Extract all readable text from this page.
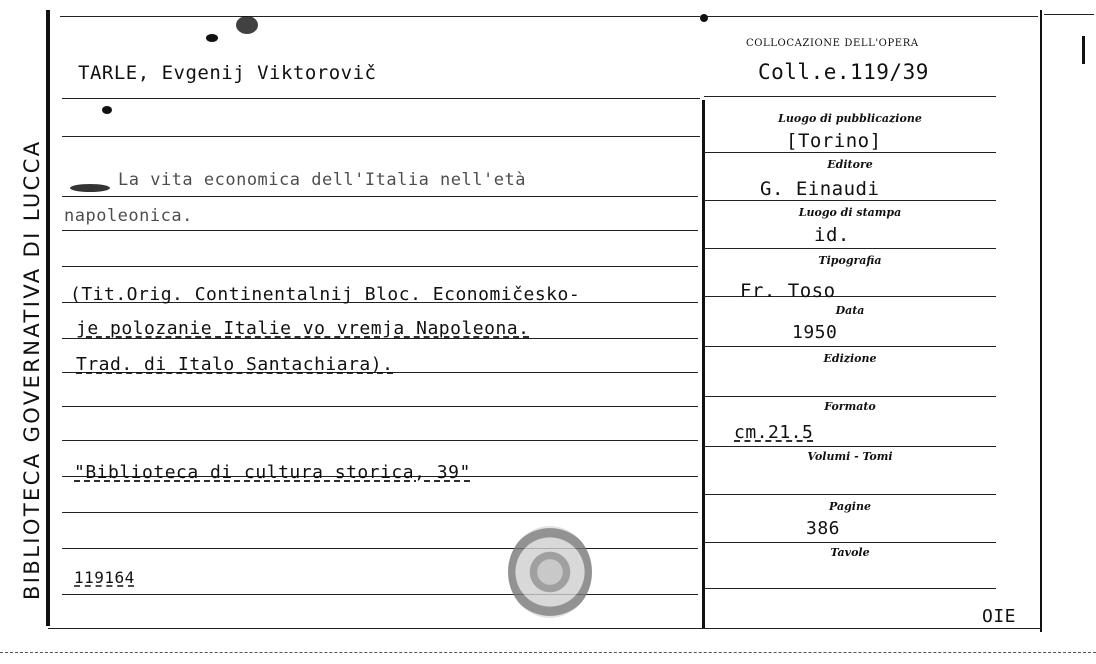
BIBLIOTECA GOVERNATIVA DI LUCCA
TARLE, Evgenij Viktorovič
La vita economica dell'Italia nell'età
napoleonica.
(Tit.Orig. Continentalnij Bloc. Economičesko-
je polozanie Italie vo vremja Napoleona.
Trad. di Italo Santachiara).
"Biblioteca di cultura storica, 39"
119164
COLLOCAZIONE DELL'OPERA
Coll.e.119/39
Luogo di pubblicazione
[Torino]
Editore
G. Einaudi
Luogo di stampa
id.
Tipografia
Fr. Toso
Data
1950
Edizione
Formato
cm.21.5
Volumi - Tomi
Pagine
386
Tavole
OIE
